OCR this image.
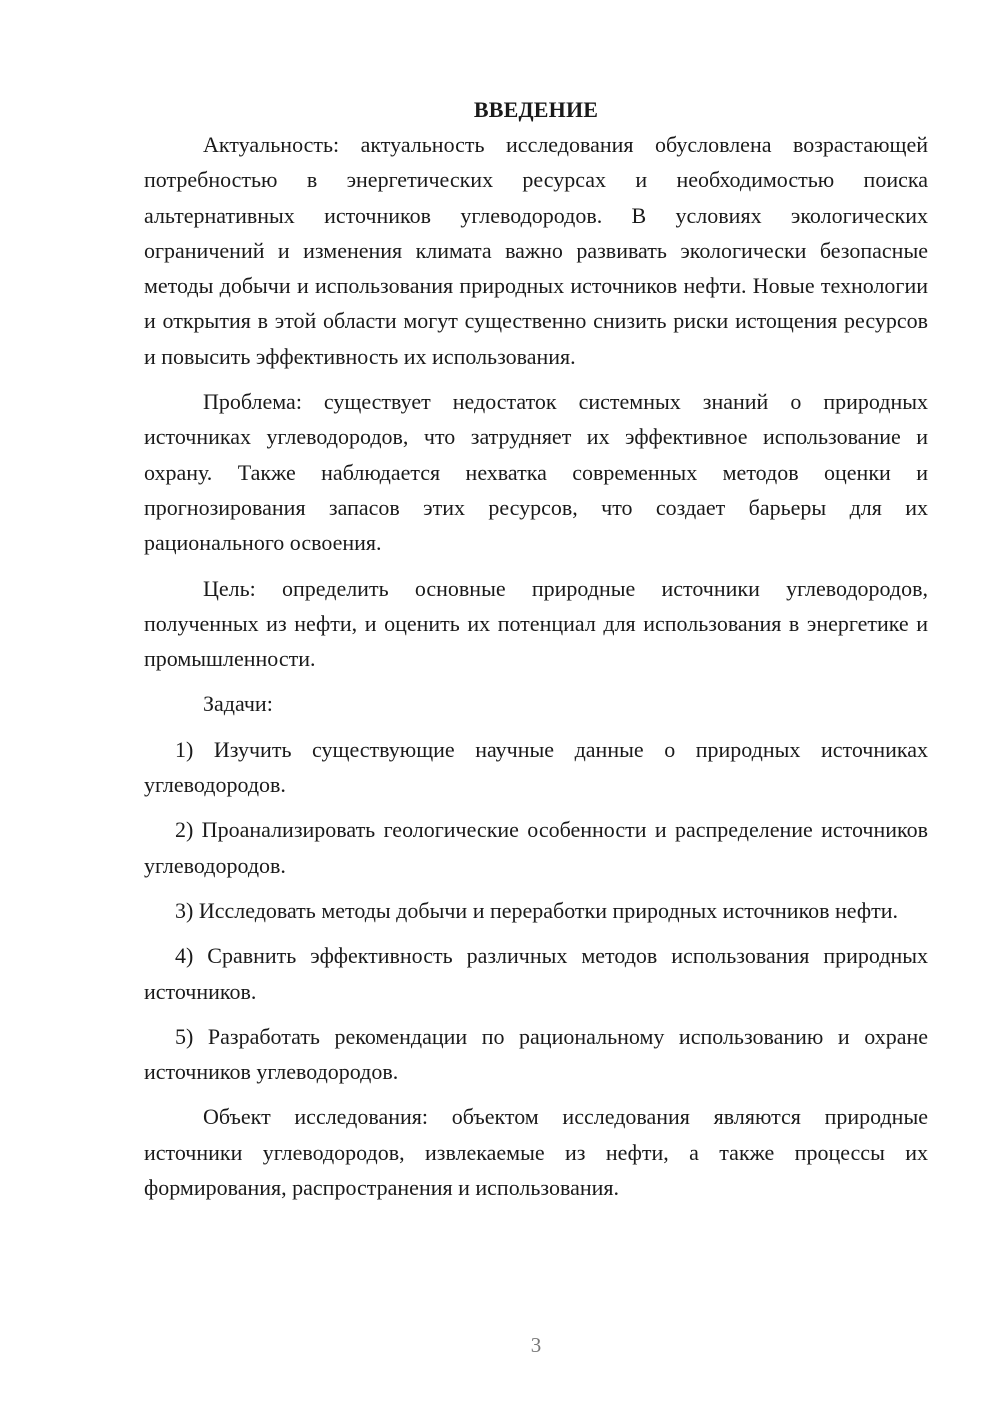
ВВЕДЕНИЕ

Актуальность: актуальность исследования обусловлена возрастающей потребностью в энергетических ресурсах и необходимостью поиска альтернативных источников углеводородов. В условиях экологических ограничений и изменения климата важно развивать экологически безопасные методы добычи и использования природных источников нефти. Новые технологии и открытия в этой области могут существенно снизить риски истощения ресурсов и повысить эффективность их использования.

Проблема: существует недостаток системных знаний о природных источниках углеводородов, что затрудняет их эффективное использование и охрану. Также наблюдается нехватка современных методов оценки и прогнозирования запасов этих ресурсов, что создает барьеры для их рационального освоения.

Цель: определить основные природные источники углеводородов, полученных из нефти, и оценить их потенциал для использования в энергетике и промышленности.

Задачи:

1) Изучить существующие научные данные о природных источниках углеводородов.

2) Проанализировать геологические особенности и распределение источников углеводородов.

3) Исследовать методы добычи и переработки природных источников нефти.

4) Сравнить эффективность различных методов использования природных источников.

5) Разработать рекомендации по рациональному использованию и охране источников углеводородов.

Объект исследования: объектом исследования являются природные источники углеводородов, извлекаемые из нефти, а также процессы их формирования, распространения и использования.

3
